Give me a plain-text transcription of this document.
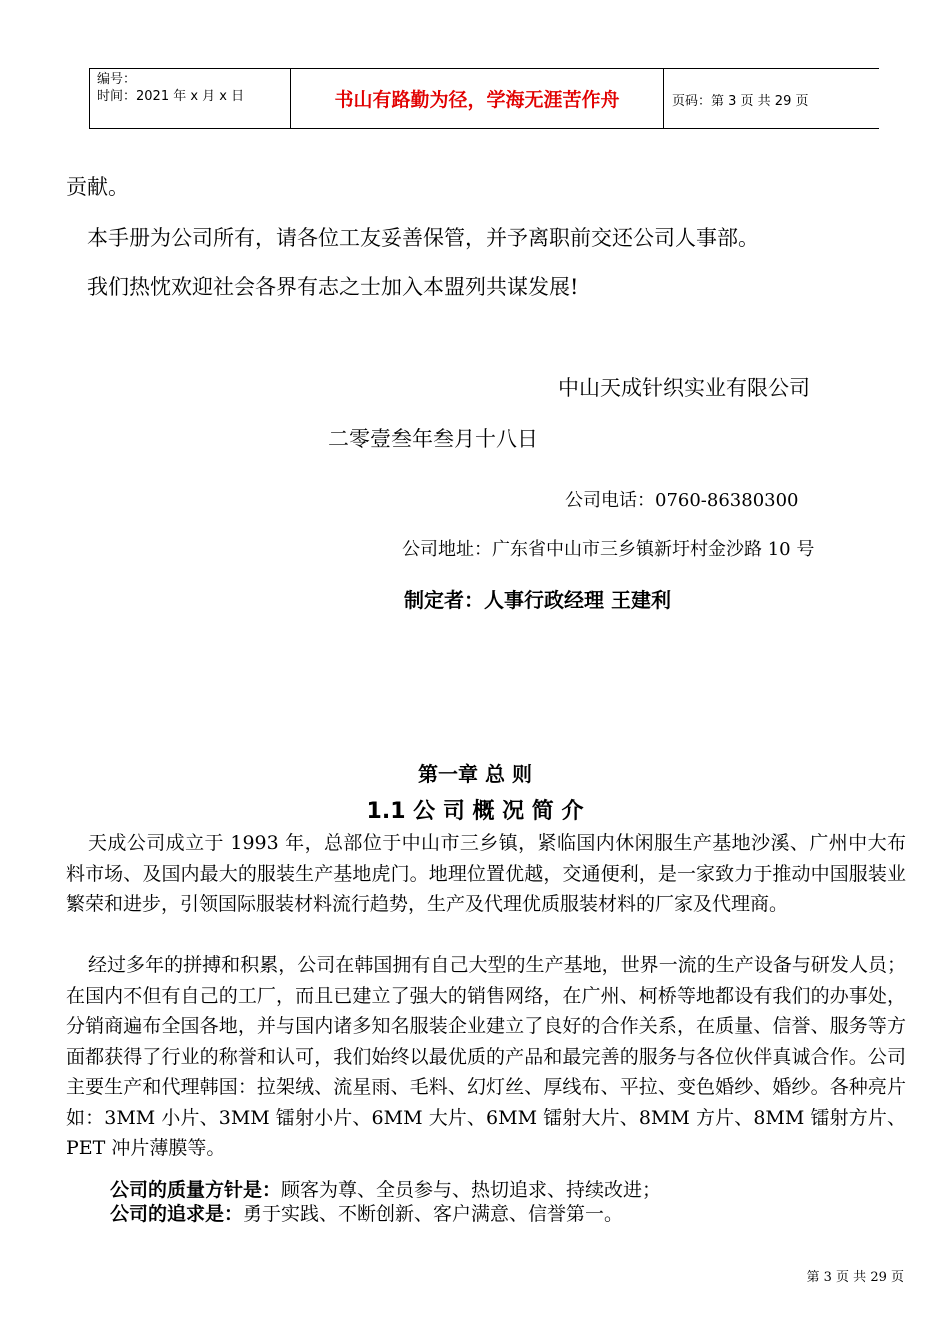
编号：
时间：2021 年 x 月 x 日	书山有路勤为径，学海无涯苦作舟	页码：第 3 页 共 29 页
贡献。
本手册为公司所有，请各位工友妥善保管，并予离职前交还公司人事部。
我们热忱欢迎社会各界有志之士加入本盟列共谋发展!
中山天成针织实业有限公司
二零壹叁年叁月十八日
公司电话：0760-86380300
公司地址：广东省中山市三乡镇新圩村金沙路 10 号
制定者：人事行政经理 王建利
第一章 总 则
1.1 公 司 概 况 简 介
天成公司成立于 1993 年，总部位于中山市三乡镇，紧临国内休闲服生产基地沙溪、广州中大布料市场、及国内最大的服装生产基地虎门。地理位置优越，交通便利，是一家致力于推动中国服装业繁荣和进步，引领国际服装材料流行趋势，生产及代理优质服装材料的厂家及代理商。
经过多年的拼搏和积累，公司在韩国拥有自己大型的生产基地，世界一流的生产设备与研发人员；在国内不但有自己的工厂，而且已建立了强大的销售网络，在广州、柯桥等地都设有我们的办事处，分销商遍布全国各地，并与国内诸多知名服装企业建立了良好的合作关系，在质量、信誉、服务等方面都获得了行业的称誉和认可，我们始终以最优质的产品和最完善的服务与各位伙伴真诚合作。公司主要生产和代理韩国：拉架绒、流星雨、毛料、幻灯丝、厚线布、平拉、变色婚纱、婚纱。各种亮片如：3MM 小片、3MM 镭射小片、6MM 大片、6MM 镭射大片、8MM 方片、8MM 镭射方片、PET 冲片薄膜等。
公司的质量方针是：顾客为尊、全员参与、热切追求、持续改进；
公司的追求是：勇于实践、不断创新、客户满意、信誉第一。
第 3 页 共 29 页
